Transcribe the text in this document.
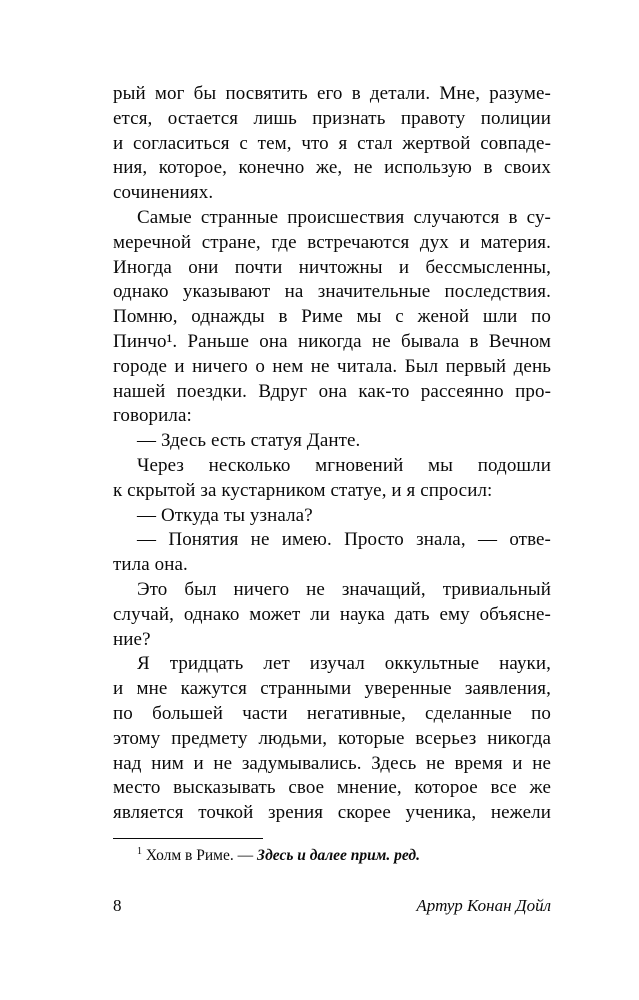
рый мог бы посвятить его в детали. Мне, разуме-
ется, остается лишь признать правоту полиции
и согласиться с тем, что я стал жертвой совпаде-
ния, которое, конечно же, не использую в своих
сочинениях.
Самые странные происшествия случаются в су-
меречной стране, где встречаются дух и материя.
Иногда они почти ничтожны и бессмысленны,
однако указывают на значительные последствия.
Помню, однажды в Риме мы с женой шли по
Пинчо¹. Раньше она никогда не бывала в Вечном
городе и ничего о нем не читала. Был первый день
нашей поездки. Вдруг она как-то рассеянно про-
говорила:
— Здесь есть статуя Данте.
Через несколько мгновений мы подошли
к скрытой за кустарником статуе, и я спросил:
— Откуда ты узнала?
— Понятия не имею. Просто знала, — отве-
тила она.
Это был ничего не значащий, тривиальный
случай, однако может ли наука дать ему объясне-
ние?
Я тридцать лет изучал оккультные науки,
и мне кажутся странными уверенные заявления,
по большей части негативные, сделанные по
этому предмету людьми, которые всерьез никогда
над ним и не задумывались. Здесь не время и не
место высказывать свое мнение, которое все же
является точкой зрения скорее ученика, нежели
$^1$ Холм в Риме. — Здесь и далее прим. ред.
8	Артур Конан Дойл
